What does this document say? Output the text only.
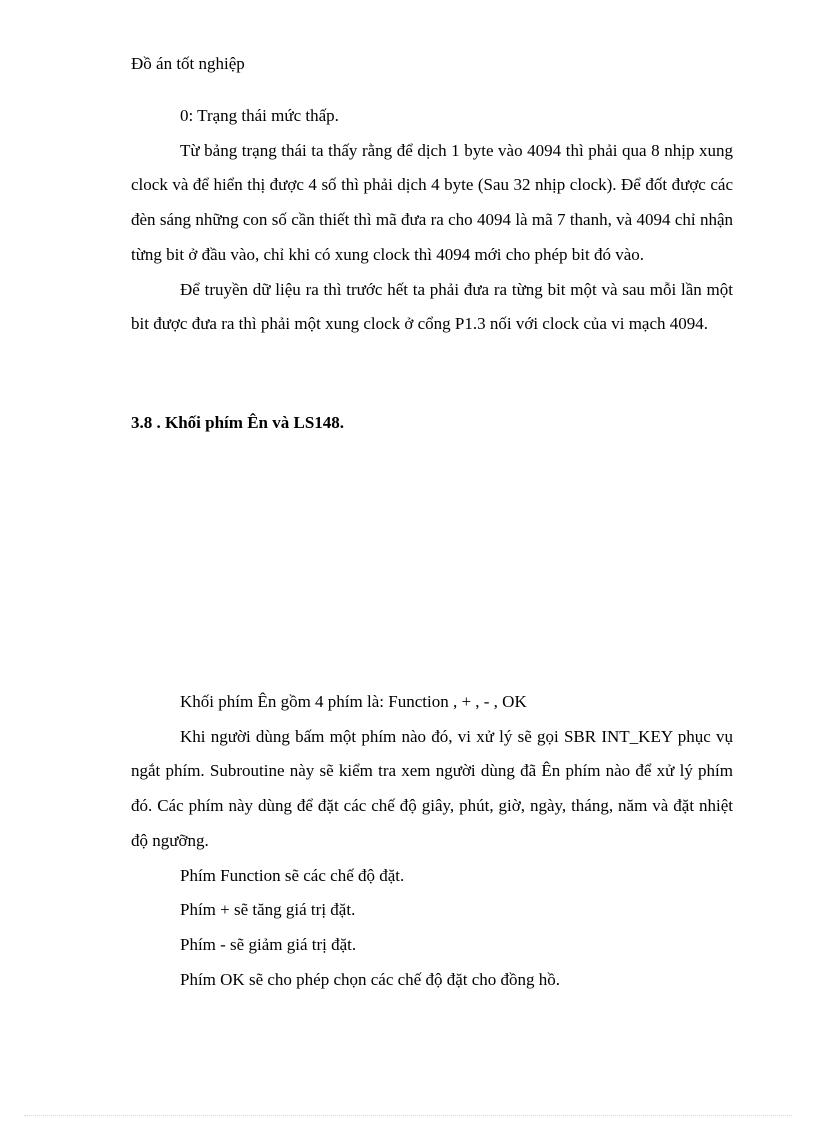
Đồ án tốt nghiệp

0: Trạng thái mức thấp.

Từ bảng trạng thái ta thấy rằng để dịch 1 byte vào 4094 thì phải qua 8 nhịp xung clock và để hiển thị được 4 số thì phải dịch 4 byte (Sau 32 nhịp clock). Để đốt được các đèn sáng những con số cần thiết thì mã đưa ra cho 4094 là mã 7 thanh, và 4094 chỉ nhận từng bit ở đầu vào, chỉ khi có xung clock thì 4094 mới cho phép bit đó vào.

Để truyền dữ liệu ra thì trước hết ta phải đưa ra từng bit một và sau mỗi lần một bit được đưa ra thì phải một xung clock ở cổng P1.3 nối với clock của vi mạch 4094.

3.8 . Khối phím Ên và LS148.

Khối phím Ên gồm 4 phím là: Function , + , - , OK

Khi người dùng bấm một phím nào đó, vi xử lý sẽ gọi SBR INT_KEY phục vụ ngắt phím. Subroutine này sẽ kiểm tra xem người dùng đã Ên phím nào để xử lý phím đó. Các phím này dùng để đặt các chế độ giây, phút, giờ, ngày, tháng, năm và đặt nhiệt độ ngưỡng.

Phím Function sẽ các chế độ đặt.

Phím + sẽ tăng giá trị đặt.

Phím - sẽ giảm giá trị đặt.

Phím OK sẽ cho phép chọn các chế độ đặt cho đồng hồ.
